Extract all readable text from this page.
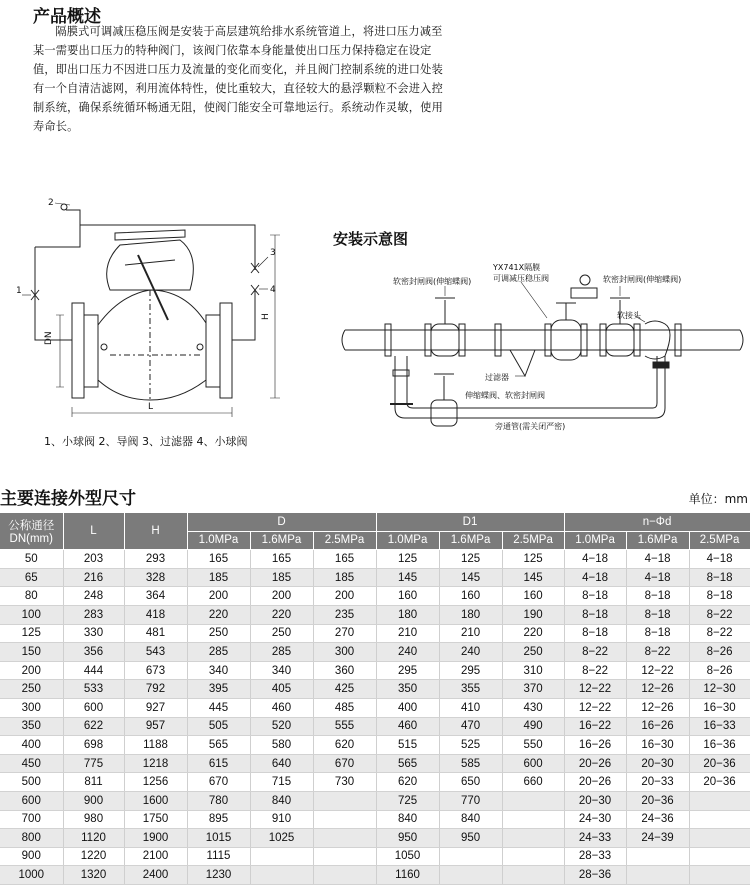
产品概述
隔膜式可调减压稳压阀是安装于高层建筑给排水系统管道上，将进口压力减至某一需要出口压力的特种阀门，该阀门依靠本身能量使出口压力保持稳定在设定值，即出口压力不因进口压力及流量的变化而变化，并且阀门控制系统的进口处装有一个自清洁滤网，利用流体特性，使比重较大，直径较大的悬浮颗粒不会进入控制系统，确保系统循环畅通无阻，使阀门能安全可靠地运行。系统动作灵敏，使用寿命长。
1
2
3
4
DN
L
H
1、小球阀 2、导阀 3、过滤器 4、小球阀
安装示意图
软密封闸阀(伸缩蝶阀)
YX741X隔膜
可调减压稳压阀	软密封闸阀(伸缩蝶阀)
软接头
过滤器
伸缩蝶阀、软密封闸阀
旁通管(需关闭严密)
主要连接外型尺寸	单位：mm
公称通径
DN(mm)	L	H	D			D1			n−Φd		
			1.0MPa	1.6MPa	2.5MPa	1.0MPa	1.6MPa	2.5MPa	1.0MPa	1.6MPa	2.5MPa
50	203	293	165	165	165	125	125	125	4−18	4−18	4−18
65	216	328	185	185	185	145	145	145	4−18	4−18	8−18
80	248	364	200	200	200	160	160	160	8−18	8−18	8−18
100	283	418	220	220	235	180	180	190	8−18	8−18	8−22
125	330	481	250	250	270	210	210	220	8−18	8−18	8−22
150	356	543	285	285	300	240	240	250	8−22	8−22	8−26
200	444	673	340	340	360	295	295	310	8−22	12−22	8−26
250	533	792	395	405	425	350	355	370	12−22	12−26	12−30
300	600	927	445	460	485	400	410	430	12−22	12−26	16−30
350	622	957	505	520	555	460	470	490	16−22	16−26	16−33
400	698	1188	565	580	620	515	525	550	16−26	16−30	16−36
450	775	1218	615	640	670	565	585	600	20−26	20−30	20−36
500	811	1256	670	715	730	620	650	660	20−26	20−33	20−36
600	900	1600	780	840		725	770		20−30	20−36	
700	980	1750	895	910		840	840		24−30	24−36	
800	1120	1900	1015	1025		950	950		24−33	24−39	
900	1220	2100	1115			1050			28−33		
1000	1320	2400	1230			1160			28−36		
